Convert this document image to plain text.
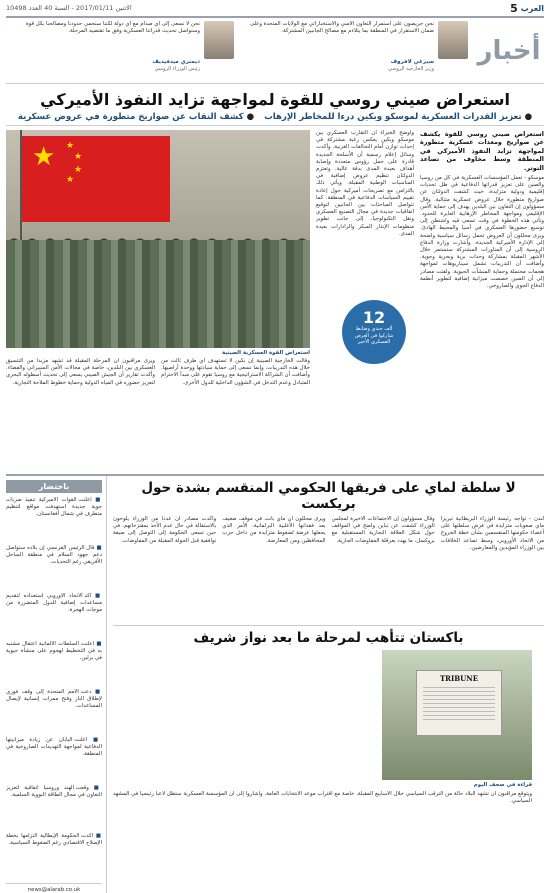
5 العرب
الاثنين 2017/01/11 - السنة 40 العدد 10498
أخبار
نحن حريصون على استمرار التعاون الأمني والاستخباراتي مع الولايات المتحدة وعلى ضمان الاستقرار في المنطقة بما يتلاءم مع مصالح الجانبين المشتركة.
سيرغي لافروف
وزير الخارجية الروسي
نحن لا نسعى إلى أي صدام مع أي دولة لكننا سنحمي حدودنا ومصالحنا بكل قوة وسنواصل تحديث قدراتنا العسكرية وفق ما تقتضيه المرحلة.
ديمتري ميدفيديف
رئيس الوزراء الروسي
استعراض صيني روسي للقوة لمواجهة تزايد النفوذ الأميركي
● تعزيز القدرات العسكرية لموسكو وبكين درءا للمخاطر الإرهاب
● كشف النقاب عن صواريخ متطورة في عروض عسكرية
استعراض صيني روسي للقوة يكشف عن صواريخ ومعدات عسكرية متطورة لمواجهة تزايد النفوذ الأميركي في المنطقة وسط مخاوف من تصاعد التوتر.
موسكو - تعمل المؤسسات العسكرية في كل من روسيا والصين على تعزيز قدراتها الدفاعية في ظل تحديات إقليمية ودولية متزايدة، حيث كشفت الدولتان عن صواريخ متطورة خلال عروض عسكرية متتالية. وقال مسؤولون إن التعاون بين البلدين يهدف إلى حماية الأمن الإقليمي ومواجهة المخاطر الإرهابية العابرة للحدود. وتأتي هذه الخطوة في وقت تسعى فيه واشنطن إلى توسيع حضورها العسكري في آسيا والمحيط الهادئ. ويرى محللون أن العروض تحمل رسائل سياسية واضحة إلى الإدارة الأميركية الجديدة. وأشارت وزارة الدفاع الروسية إلى أن المناورات المشتركة ستستمر خلال الأشهر المقبلة بمشاركة وحدات برية وبحرية وجوية. وأضافت أن التدريبات تشمل سيناريوهات لمواجهة هجمات محتملة وحماية المنشآت الحيوية. ولفتت مصادر إلى أن الصين خصصت ميزانية إضافية لتطوير أنظمة الدفاع الجوي والصاروخي.
وأوضح الخبراء أن التقارب العسكري بين موسكو وبكين يعكس رغبة مشتركة في إحداث توازن أمام التحالفات الغربية. وأكدت وسائل إعلام رسمية أن الأسلحة الجديدة قادرة على حمل رؤوس متعددة وإصابة أهداف بعيدة المدى بدقة عالية. وتعتزم الدولتان تنظيم عروض إضافية في المناسبات الوطنية المقبلة. ويأتي ذلك بالتزامن مع تصريحات أميركية حول إعادة تقييم السياسات الدفاعية في المنطقة. كما تتواصل المباحثات بين الجانبين لتوقيع اتفاقيات جديدة في مجال التصنيع العسكري ونقل التكنولوجيا، إلى جانب تطوير منظومات الإنذار المبكر والرادارات بعيدة المدى.
12
ألف جندي وضابط شاركوا في العرض العسكري الأخير
★ ★
★
★
★
استعراض القوة العسكرية الصينية
وقالت الخارجية الصينية إن بكين لا تستهدف أي طرف ثالث من خلال هذه التدريبات، وإنما تسعى إلى حماية سيادتها ووحدة أراضيها. وأضافت أن الشراكة الاستراتيجية مع روسيا تقوم على مبدأ الاحترام المتبادل وعدم التدخل في الشؤون الداخلية للدول الأخرى.
ويرى مراقبون أن المرحلة المقبلة قد تشهد مزيدا من التنسيق العسكري بين البلدين، خاصة في مجالات الأمن السيبراني والفضاء. وأكدت تقارير أن الجيش الصيني يسعى إلى تحديث أسطوله البحري لتعزيز حضوره في المياه الدولية وحماية خطوط الملاحة التجارية.
لا سلطة لماي على فريقها الحكومي المنقسم بشدة حول بريكست
لندن - تواجه رئيسة الوزراء البريطانية تيريزا ماي صعوبات متزايدة في فرض سلطتها على أعضاء حكومتها المنقسمين بشأن خطة الخروج من الاتحاد الأوروبي، وسط تصاعد الخلافات بين الوزراء المؤيدين والمعارضين.
وقال مسؤولون إن الاجتماعات الأخيرة لمجلس الوزراء كشفت عن تباين واضح في المواقف حول شكل العلاقة التجارية المستقبلية مع بروكسل، ما يهدد بعرقلة المفاوضات الجارية.
ويرى محللون أن ماي باتت في موقف ضعيف بعد فقدانها الأغلبية البرلمانية، الأمر الذي يجعلها عرضة لضغوط متزايدة من داخل حزب المحافظين ومن المعارضة.
وأكدت مصادر أن عددا من الوزراء يلوحون بالاستقالة في حال عدم الأخذ بمقترحاتهم، في حين تسعى الحكومة إلى التوصل إلى صيغة توافقية قبل الجولة المقبلة من المفاوضات.
باكستان تتأهب لمرحلة ما بعد نواز شريف
TRIBUNE
قراءة في صحف اليوم
ويتوقع مراقبون أن تشهد البلاد حالة من الترقب السياسي خلال الأسابيع المقبلة، خاصة مع اقتراب موعد الانتخابات العامة. وأشاروا إلى أن المؤسسة العسكرية ستظل لاعبا رئيسيا في المشهد السياسي.
باختصار
■ أعلنت القوات الأميركية تنفيذ ضربات جوية جديدة استهدفت مواقع لتنظيم متطرف في شمال أفغانستان.
■ قال الرئيس الفرنسي إن بلاده ستواصل دعم جهود السلام في منطقة الساحل الأفريقي رغم التحديات.
■ أكد الاتحاد الأوروبي استعداده لتقديم مساعدات إضافية للدول المتضررة من موجات الهجرة.
■ أعلنت السلطات الألمانية اعتقال مشتبه به في التخطيط لهجوم على منشأة حيوية في برلين.
■ دعت الأمم المتحدة إلى وقف فوري لإطلاق النار وفتح ممرات إنسانية لإيصال المساعدات.
■ أعلنت اليابان عن زيادة ميزانيتها الدفاعية لمواجهة التهديدات الصاروخية في المنطقة.
■ وقعت الهند وروسيا اتفاقية لتعزيز التعاون في مجال الطاقة النووية السلمية.
■ أكدت الحكومة الإيطالية التزامها بخطة الإصلاح الاقتصادي رغم الضغوط السياسية.
news@alarab.co.uk
